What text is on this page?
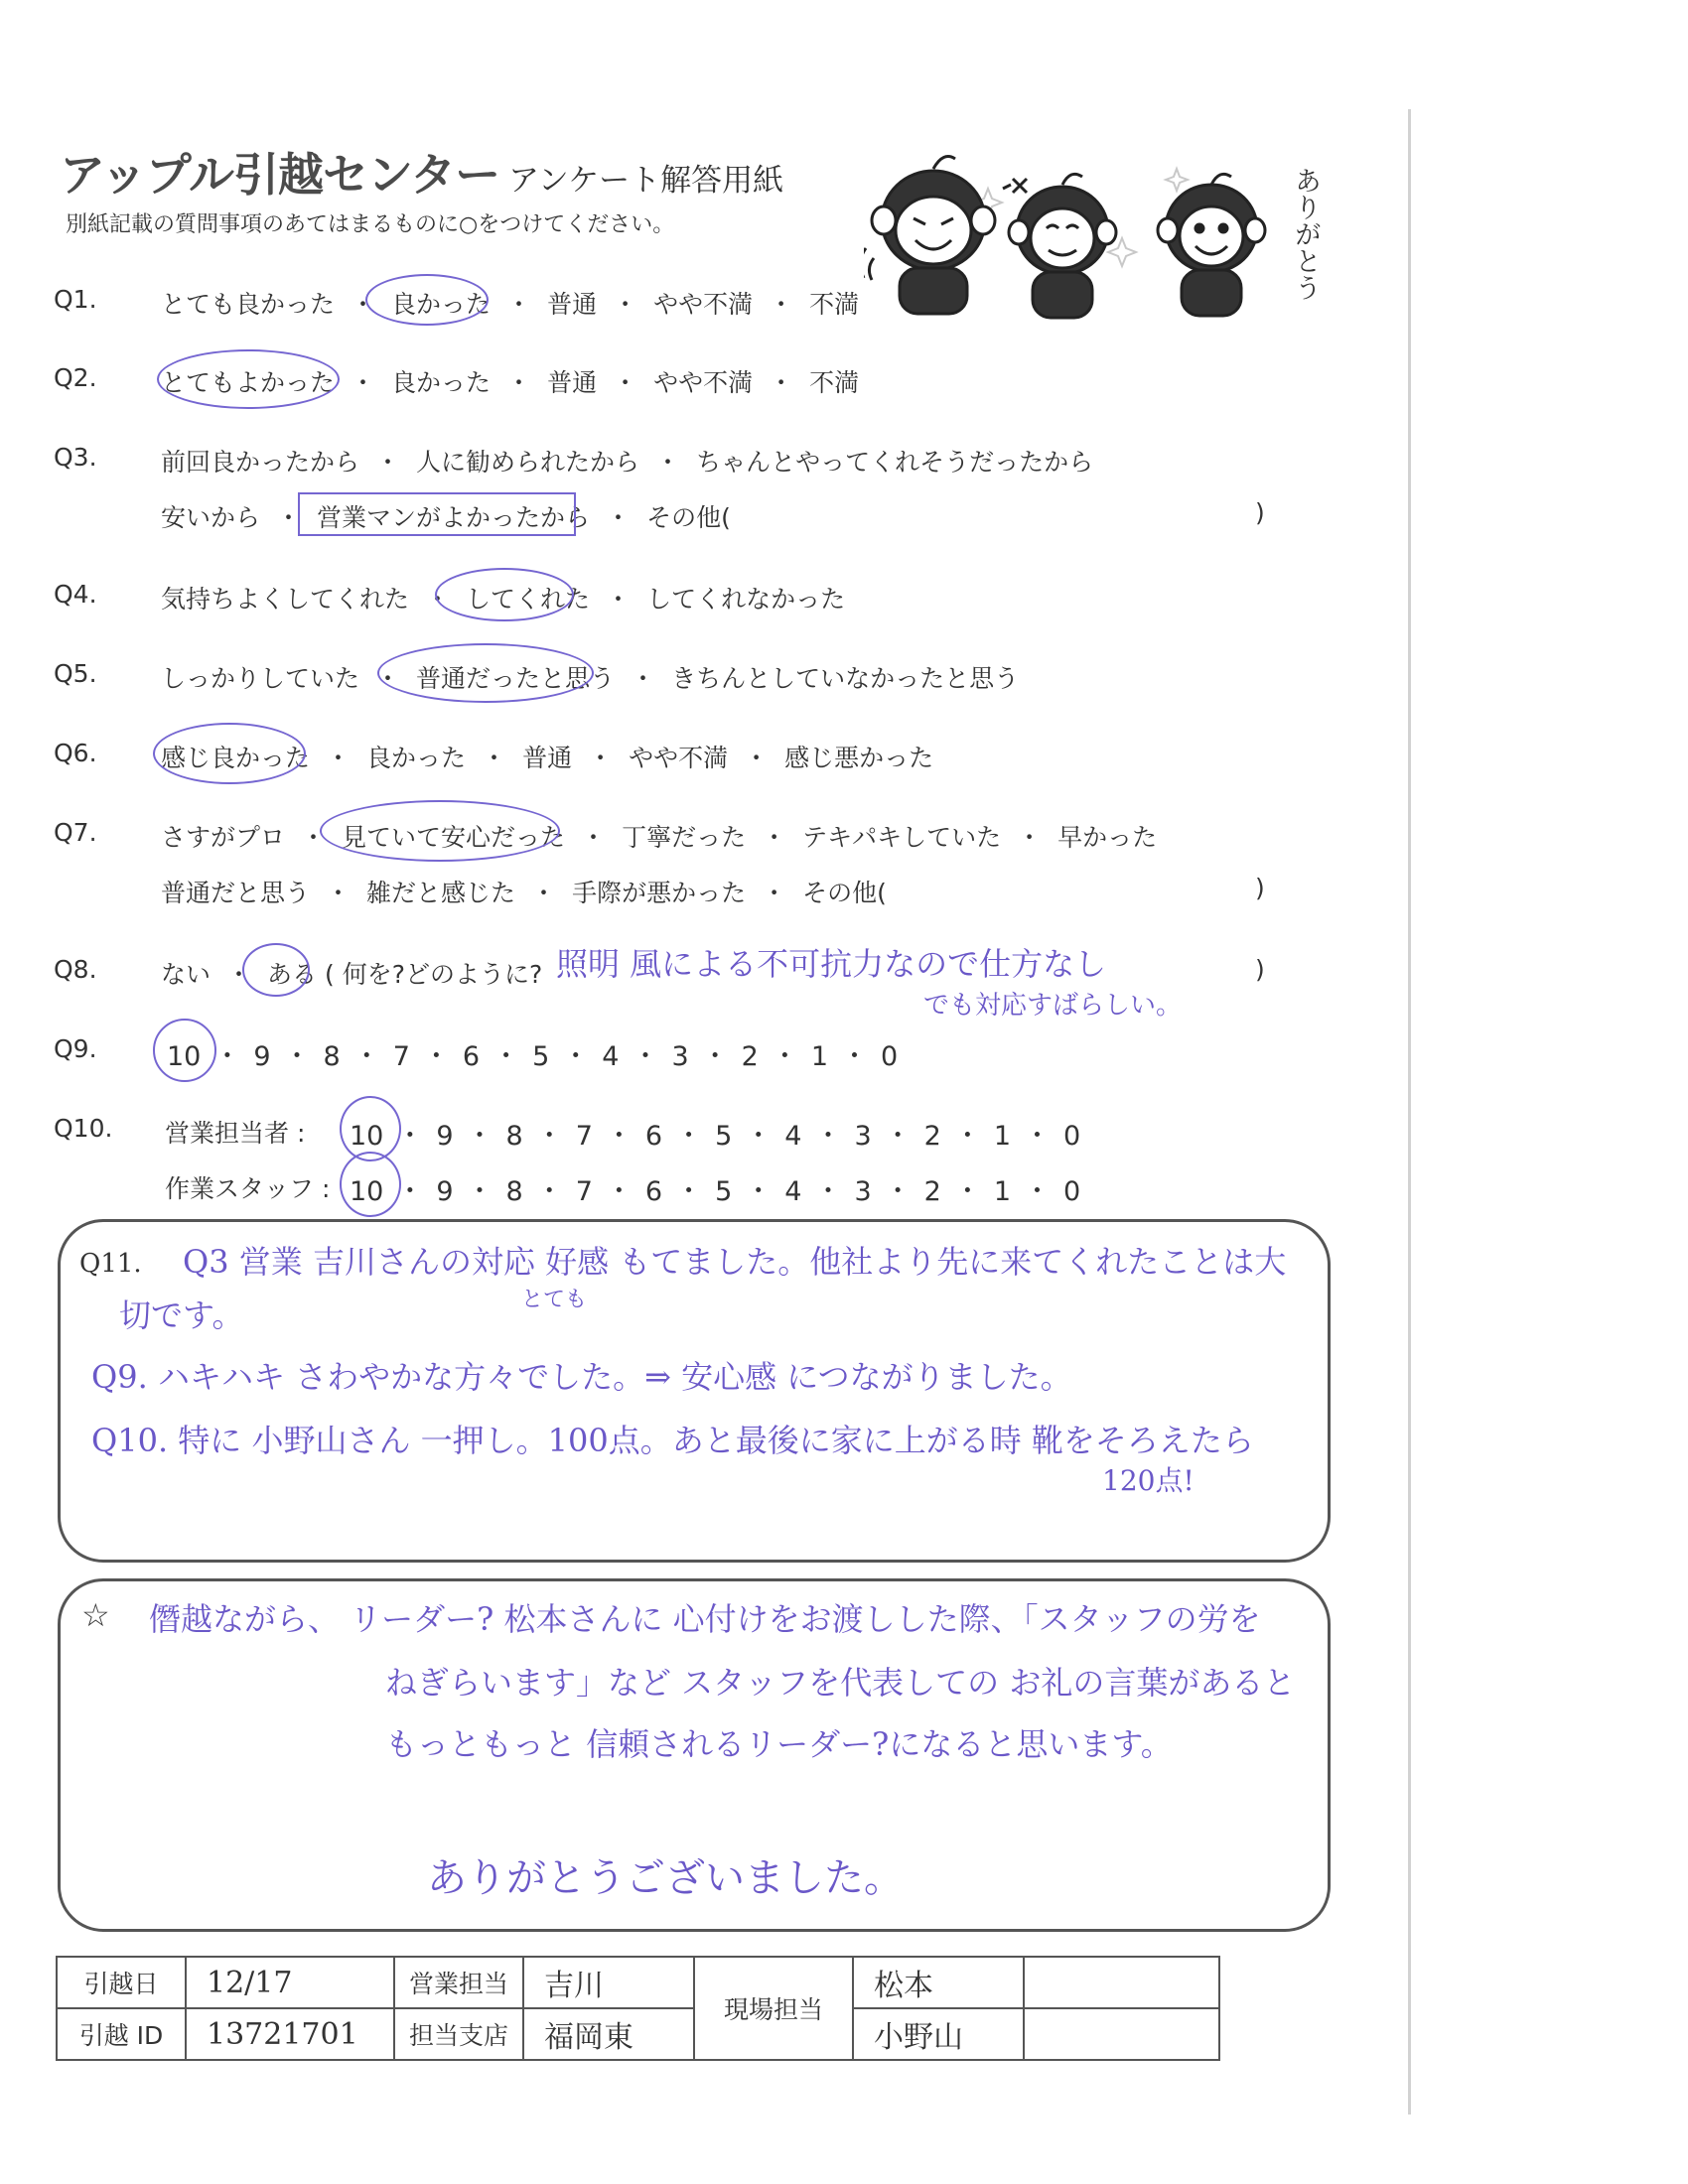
アップル引越センター アンケート解答用紙
別紙記載の質問事項のあてはまるものに○をつけてください。	ありがとう
Q1.	とても良かった ・ 良かった ・ 普通 ・ やや不満 ・ 不満
Q2.	とてもよかった ・ 良かった ・ 普通 ・ やや不満 ・ 不満
Q3.	前回良かったから ・ 人に勧められたから ・ ちゃんとやってくれそうだったから
安いから ・ 営業マンがよかったから ・ その他(	)
Q4.	気持ちよくしてくれた ・ してくれた ・ してくれなかった
Q5.	しっかりしていた ・ 普通だったと思う ・ きちんとしていなかったと思う
Q6.	感じ良かった ・ 良かった ・ 普通 ・ やや不満 ・ 感じ悪かった
Q7.	さすがプロ ・ 見ていて安心だった ・ 丁寧だった ・ テキパキしていた ・ 早かった
普通だと思う ・ 雑だと感じた ・ 手際が悪かった ・ その他(	)
Q8.	ない ・ ある ( 何を?どのように?	)
照明 風による不可抗力なので仕方なし
でも対応すばらしい。
Q9.	10 ・ 9 ・ 8 ・ 7 ・ 6 ・ 5 ・ 4 ・ 3 ・ 2 ・ 1 ・ 0
Q10. 営業担当者 : 10 ・ 9 ・ 8 ・ 7 ・ 6 ・ 5 ・ 4 ・ 3 ・ 2 ・ 1 ・ 0
作業スタッフ : 10 ・ 9 ・ 8 ・ 7 ・ 6 ・ 5 ・ 4 ・ 3 ・ 2 ・ 1 ・ 0
Q11. Q3 営業 吉川さんの対応 好感 もてました。他社より先に来てくれたことは大
とても
切です。
Q9. ハキハキ さわやかな方々でした。⇒ 安心感 につながりました。
Q10. 特に 小野山さん 一押し。100点。あと最後に家に上がる時 靴をそろえたら
120点!
☆ 僭越ながら、 リーダー? 松本さんに 心付けをお渡しした際、「スタッフの労を
ねぎらいます」など スタッフを代表しての お礼の言葉があると
もっともっと 信頼されるリーダー?になると思います。
ありがとうございました。
引越日	12/17	営業担当	吉川	現場担当	松本	
引越 ID	13721701	担当支店	福岡東		小野山	
